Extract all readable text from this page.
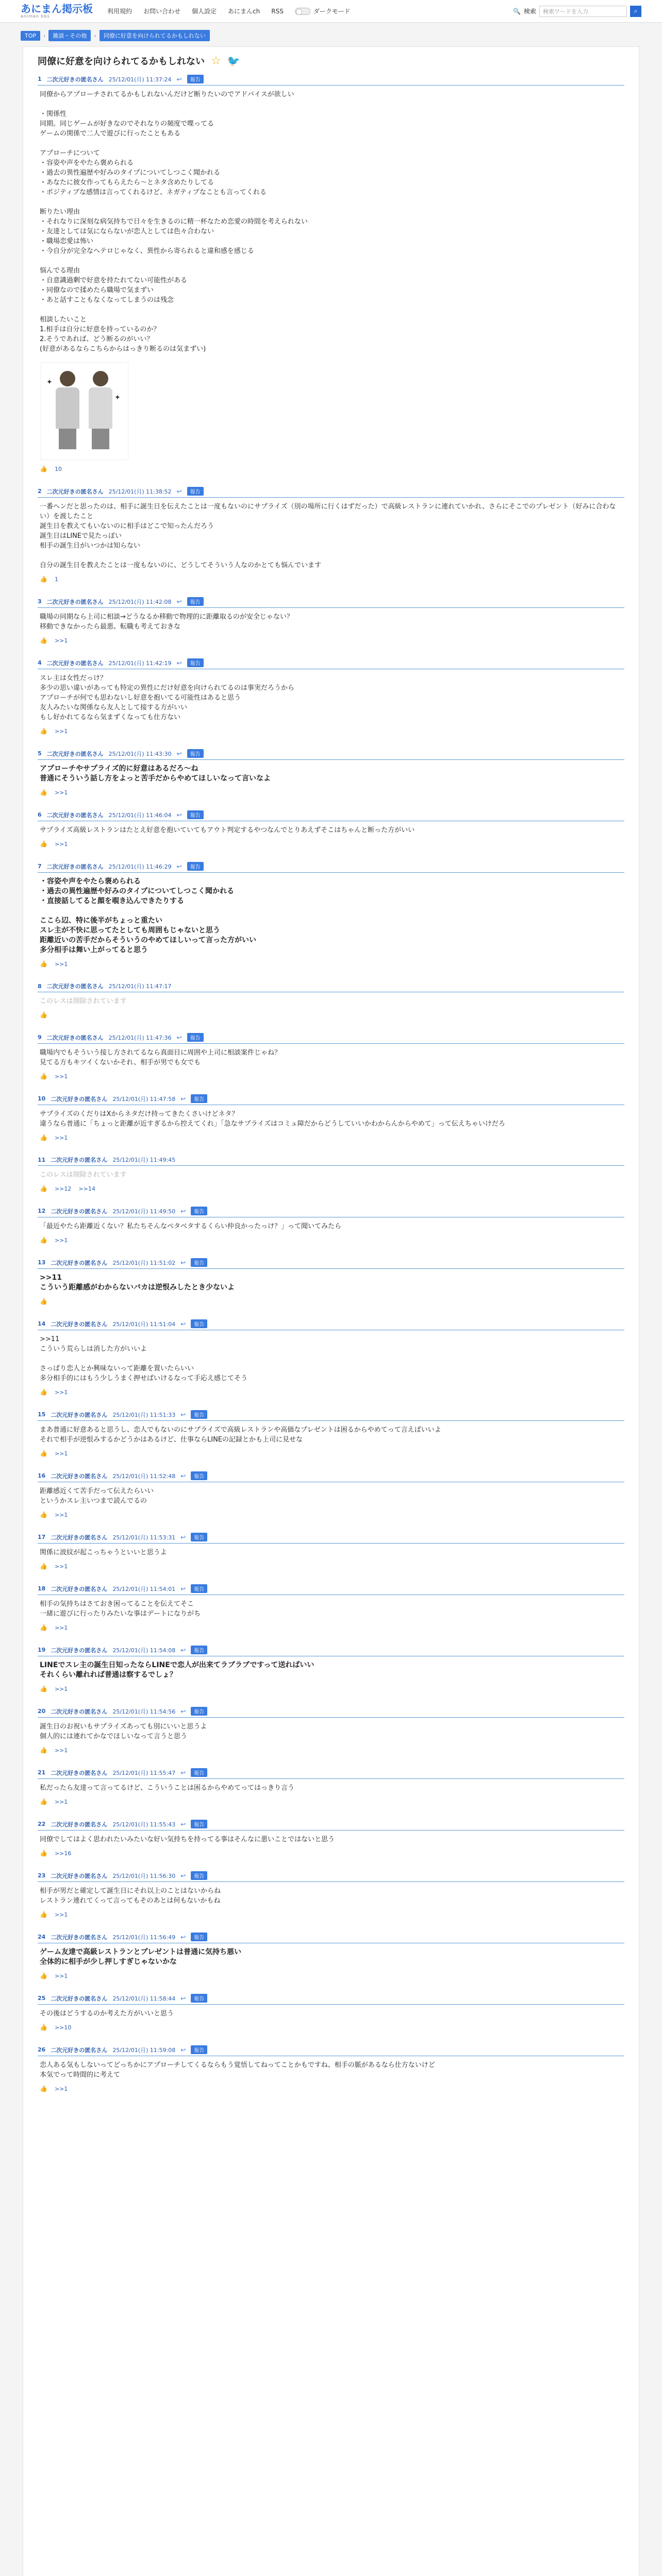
あにまん掲示板
animan bbs
利用規約 お問い合わせ 個人設定 あにまんch RSS	ダークモード	🔍 検索	検索ワードを入力	⌕
TOP	›	雑談・その他	›	同僚に好意を向けられてるかもしれない
同僚に好意を向けられてるかもしれない ☆ 🐦
1 二次元好きの匿名さん 25/12/01(月) 11:37:24 ↩	報告
同僚からアプローチされてるかもしれないんだけど断りたいのでアドバイスが欲しい

・関係性
同期。同じゲームが好きなのでそれなりの頻度で喋ってる
ゲームの関係で二人で遊びに行ったこともある

アプローチについて
・容姿や声をやたら褒められる
・過去の異性遍歴や好みのタイプについてしつこく聞かれる
・あなたに彼女作ってもらえたら～とネタ含めたりしてる
・ポジティブな感情は言ってくれるけど、ネガティブなことも言ってくれる

断りたい理由
・それなりに深刻な病気持ちで日々を生きるのに精一杯なため恋愛の時間を考えられない
・友達としては気にならないが恋人としては色々合わない
・職場恋愛は怖い
・今自分が完全なヘテロじゃなく、異性から寄られると違和感を感じる

悩んでる理由
・自意識過剰で好意を持たれてない可能性がある
・同僚なので揉めたら職場で気まずい
・あと話すこともなくなってしまうのは残念

相談したいこと
1.相手は自分に好意を持っているのか？
2.そうであれば、どう断るのがいい？
(好意があるならこちらからはっきり断るのは気まずい)
✦
✦
👍 10
2 二次元好きの匿名さん 25/12/01(月) 11:38:52 ↩	報告
一番ヘンだと思ったのは、相手に誕生日を伝えたことは一度もないのにサプライズ（別の場所に行くはずだった）で高級レストランに連れていかれ、さらにそこでのプレゼント（好みに合わない）を渡したこと
誕生日を教えてもいないのに相手はどこで知ったんだろう
誕生日はLINEで見たっぽい
相手の誕生日がいつかは知らない

自分の誕生日を教えたことは一度もないのに、どうしてそういう人なのかとても悩んでいます
👍 1
3 二次元好きの匿名さん 25/12/01(月) 11:42:08 ↩	報告
職場の同期なら上司に相談→どうなるか移動で物理的に距離取るのが安全じゃない？
移動できなかったら最悪、転職も考えておきな
👍 >>1
4 二次元好きの匿名さん 25/12/01(月) 11:42:19 ↩	報告
スレ主は女性だっけ？
多少の思い違いがあっても特定の異性にだけ好意を向けられてるのは事実だろうから
アプローチが何でも思わないし好意を抱いてる可能性はあると思う
友人みたいな関係なら友人として接する方がいい
もし好かれてるなら気まずくなっても仕方ない
👍 >>1
5 二次元好きの匿名さん 25/12/01(月) 11:43:30 ↩	報告
アプローチやサプライズ的に好意はあるだろ〜ね
普通にそういう話し方をよっと苦手だからやめてほしいなって言いなよ
👍 >>1
6 二次元好きの匿名さん 25/12/01(月) 11:46:04 ↩	報告
サプライズ高級レストランはたとえ好意を抱いていてもアウト判定するやつなんでとりあえずそこはちゃんと断った方がいい
👍 >>1
7 二次元好きの匿名さん 25/12/01(月) 11:46:29 ↩	報告
・容姿や声をやたら褒められる
・過去の異性遍歴や好みのタイプについてしつこく聞かれる
・直接話してると顔を覗き込んできたりする

ここら辺、特に後半がちょっと重たい
スレ主が不快に思ってたとしても周囲もじゃないと思う
距離近いの苦手だからそういうのやめてほしいって言った方がいい
多分相手は舞い上がってると思う
👍 >>1
8 二次元好きの匿名さん 25/12/01(月) 11:47:17
このレスは削除されています
👍
9 二次元好きの匿名さん 25/12/01(月) 11:47:36 ↩	報告
職場内でもそういう接し方されてるなら真面目に周囲や上司に相談案件じゃね？
見てる方もキツイくないかそれ、相手が男でも女でも
👍 >>1
10 二次元好きの匿名さん 25/12/01(月) 11:47:58 ↩	報告
サプライズのくだりはXからネタだけ持ってきたくさいけどネタ？
違うなら普通に「ちょっと距離が近すぎるから控えてくれ」「急なサプライズはコミュ障だからどうしていいかわからんからやめて」って伝えちゃいけだろ
👍 >>1
11 二次元好きの匿名さん 25/12/01(月) 11:49:45
このレスは削除されています
👍 >>12 >>14
12 二次元好きの匿名さん 25/12/01(月) 11:49:50 ↩	報告
「最近やたら距離近くない？私たちそんなベタベタするくらい仲良かったっけ？」って聞いてみたら
👍 >>1
13 二次元好きの匿名さん 25/12/01(月) 11:51:02 ↩	報告
>>11
こういう距離感がわからないバカは逆恨みしたとき少ないよ
👍
14 二次元好きの匿名さん 25/12/01(月) 11:51:04 ↩	報告
>>11
こういう荒らしは消した方がいいよ

さっぱり恋人とか興味ないって距離を置いたらいい
多分相手的にはもう少しうまく押せばいけるなって手応え感じてそう
👍 >>1
15 二次元好きの匿名さん 25/12/01(月) 11:51:33 ↩	報告
まあ普通に好意あると思うし、恋人でもないのにサプライズで高級レストランや高価なプレゼントは困るからやめてって言えばいいよ
それで相手が逆恨みするかどうかはあるけど、仕事ならLINEの記録とかも上司に見せな
👍 >>1
16 二次元好きの匿名さん 25/12/01(月) 11:52:48 ↩	報告
距離感近くて苦手だって伝えたらいい
というかスレ主いつまで読んでるの
👍 >>1
17 二次元好きの匿名さん 25/12/01(月) 11:53:31 ↩	報告
関係に波紋が起こっちゃうといいと思うよ
👍 >>1
18 二次元好きの匿名さん 25/12/01(月) 11:54:01 ↩	報告
相手の気持ちはさておき困ってることを伝えてそこ
一緒に遊びに行ったりみたいな事はデートになりがち
👍 >>1
19 二次元好きの匿名さん 25/12/01(月) 11:54:08 ↩	報告
LINEでスレ主の誕生日知ったならLINEで恋人が出来てラブラブですって送ればいい
それくらい離れれば普通は察するでしょ？
👍 >>1
20 二次元好きの匿名さん 25/12/01(月) 11:54:56 ↩	報告
誕生日のお祝いもサプライズあっても別にいいと思うよ
個人的には連れてかなでほしいなって言うと思う
👍 >>1
21 二次元好きの匿名さん 25/12/01(月) 11:55:47 ↩	報告
私だったら友達って言ってるけど、こういうことは困るからやめてってはっきり言う
👍 >>1
22 二次元好きの匿名さん 25/12/01(月) 11:55:43 ↩	報告
同僚でしてはよく思われたいみたいな好い気持ちを持ってる事はそんなに悪いことではないと思う
👍 >>16
23 二次元好きの匿名さん 25/12/01(月) 11:56:30 ↩	報告
相手が男だと確定して誕生日にそれ以上のことはないからね
レストラン連れてくって言ってもそのあとは何もないかもね
👍 >>1
24 二次元好きの匿名さん 25/12/01(月) 11:56:49 ↩	報告
ゲーム友達で高級レストランとプレゼントは普通に気持ち悪い
全体的に相手が少し押しすぎじゃないかな
👍 >>1
25 二次元好きの匿名さん 25/12/01(月) 11:58:44 ↩	報告
その後はどうするのか考えた方がいいと思う
👍 >>10
26 二次元好きの匿名さん 25/12/01(月) 11:59:08 ↩	報告
恋人ある気もしないってどっちかにアプローチしてくるならもう覚悟してねってことかもですね、相手の脈があるなら仕方ないけど
本気でって時間的に考えて
👍 >>1
